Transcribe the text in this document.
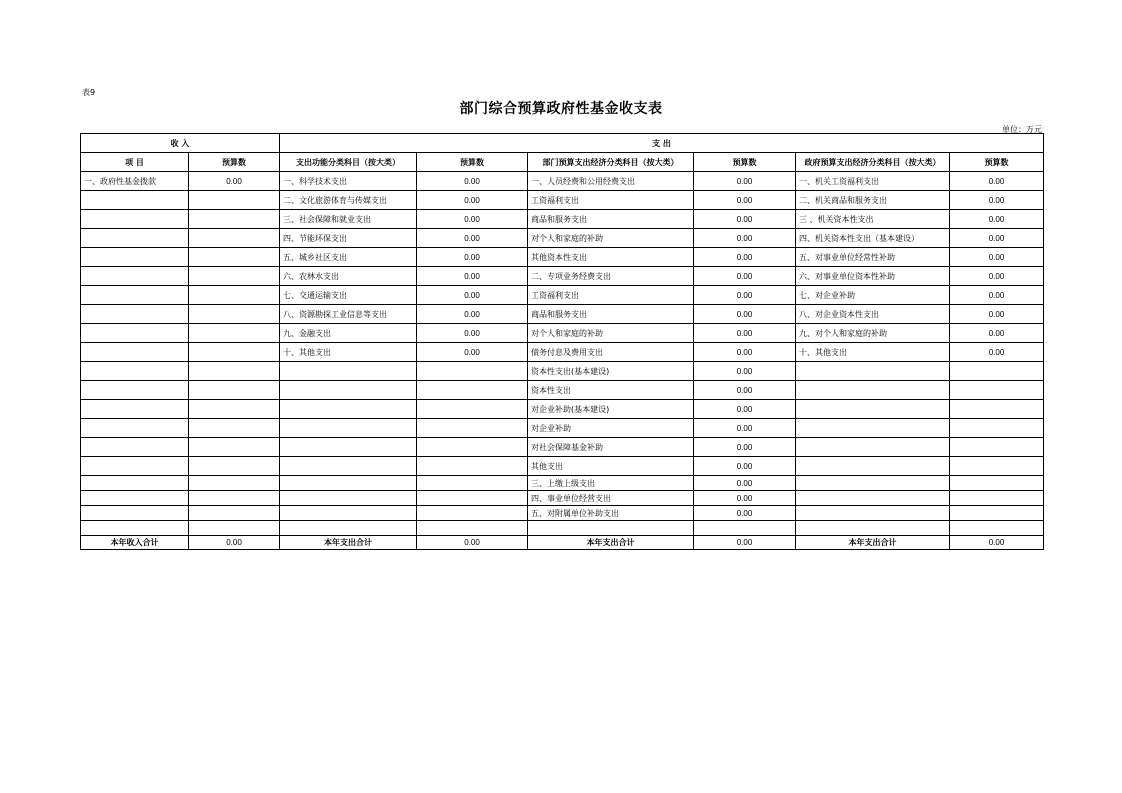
表9
部门综合预算政府性基金收支表
单位：万元
收 入		支 出					
项 目	预算数	支出功能分类科目（按大类）	预算数	部门预算支出经济分类科目（按大类）	预算数	政府预算支出经济分类科目（按大类）	预算数
一、政府性基金拨款	0.00	一、科学技术支出	0.00	一、人员经费和公用经费支出	0.00	一、机关工资福利支出	0.00
		二、文化旅游体育与传媒支出	0.00	工资福利支出	0.00	二、机关商品和服务支出	0.00
		三、社会保障和就业支出	0.00	商品和服务支出	0.00	三 、机关资本性支出	0.00
		四、节能环保支出	0.00	对个人和家庭的补助	0.00	四、机关资本性支出（基本建设）	0.00
		五、城乡社区支出	0.00	其他资本性支出	0.00	五、对事业单位经常性补助	0.00
		六、农林水支出	0.00	二、专项业务经费支出	0.00	六、对事业单位资本性补助	0.00
		七、交通运输支出	0.00	工资福利支出	0.00	七、对企业补助	0.00
		八、资源勘探工业信息等支出	0.00	商品和服务支出	0.00	八、对企业资本性支出	0.00
		九、金融支出	0.00	对个人和家庭的补助	0.00	九、对个人和家庭的补助	0.00
		十、其他支出	0.00	债务付息及费用支出	0.00	十、其他支出	0.00
				资本性支出(基本建设)	0.00		
				资本性支出	0.00		
				对企业补助(基本建设)	0.00		
				对企业补助	0.00		
				对社会保障基金补助	0.00		
				其他支出	0.00		
				三、上缴上级支出	0.00		
				四、事业单位经营支出	0.00		
				五、对附属单位补助支出	0.00		

本年收入合计	0.00	本年支出合计	0.00	本年支出合计	0.00	本年支出合计	0.00
